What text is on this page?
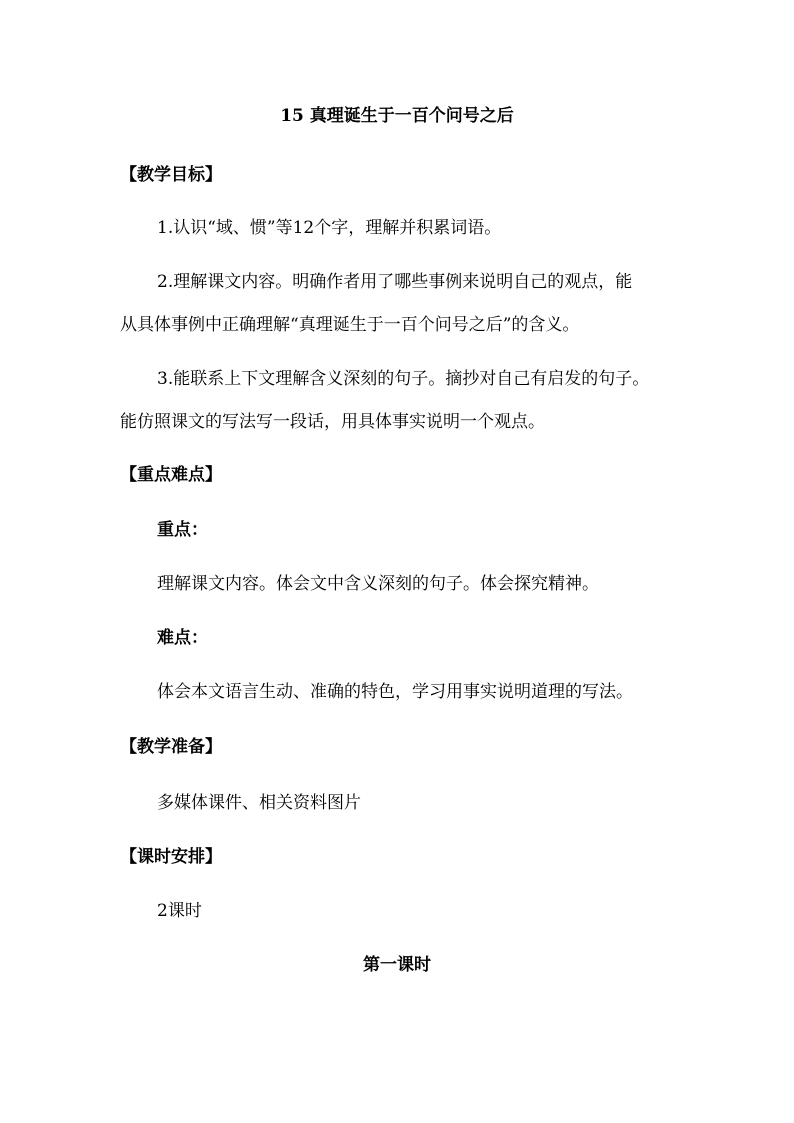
15 真理诞生于一百个问号之后
【教学目标】
1.认识“域、惯”等12个字，理解并积累词语。
2.理解课文内容。明确作者用了哪些事例来说明自己的观点，能
从具体事例中正确理解“真理诞生于一百个问号之后”的含义。
3.能联系上下文理解含义深刻的句子。摘抄对自己有启发的句子。
能仿照课文的写法写一段话，用具体事实说明一个观点。
【重点难点】
重点：
理解课文内容。体会文中含义深刻的句子。体会探究精神。
难点：
体会本文语言生动、准确的特色，学习用事实说明道理的写法。
【教学准备】
多媒体课件、相关资料图片
【课时安排】
2课时
第一课时
